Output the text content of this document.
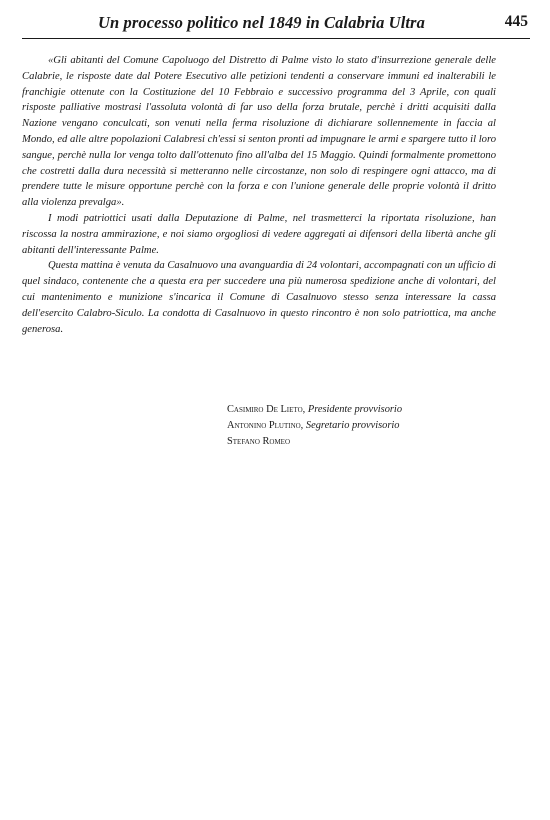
Un processo politico nel 1849 in Calabria Ultra	445

«Gli abitanti del Comune Capoluogo del Distretto di Palme visto lo stato d'insurrezione generale delle Calabrie, le risposte date dal Potere Esecutivo alle petizioni tendenti a conservare immuni ed inalterabili le franchigie ottenute con la Costituzione del 10 Febbraio e successivo programma del 3 Aprile, con quali risposte palliative mostrasi l'assoluta volontà di far uso della forza brutale, perchè i dritti acquisiti dalla Nazione vengano conculcati, son venuti nella ferma risoluzione di dichiarare sollennemente in faccia al Mondo, ed alle altre popolazioni Calabresi ch'essi si senton pronti ad impugnare le armi e spargere tutto il loro sangue, perchè nulla lor venga tolto dall'ottenuto fino all'alba del 15 Maggio. Quindi formalmente promettono che costretti dalla dura necessità si metteranno nelle circostanze, non solo di respingere ogni attacco, ma di prendere tutte le misure opportune perchè con la forza e con l'unione generale delle proprie volontà il dritto alla violenza prevalga».

I modi patriottici usati dalla Deputazione di Palme, nel trasmetterci la riportata risoluzione, han riscossa la nostra ammirazione, e noi siamo orgogliosi di vedere aggregati ai difensori della libertà anche gli abitanti dell'interessante Palme.

Questa mattina è venuta da Casalnuovo una avanguardia di 24 volontari, accompagnati con un ufficio di quel sindaco, contenente che a questa era per succedere una più numerosa spedizione anche di volontari, del cui mantenimento e munizione s'incarica il Comune di Casalnuovo stesso senza interessare la cassa dell'esercito Calabro-Siculo. La condotta di Casalnuovo in questo rincontro è non solo patriottica, ma anche generosa.

Casimiro De Lieto, Presidente provvisorio
Antonino Plutino, Segretario provvisorio
Stefano Romeo
